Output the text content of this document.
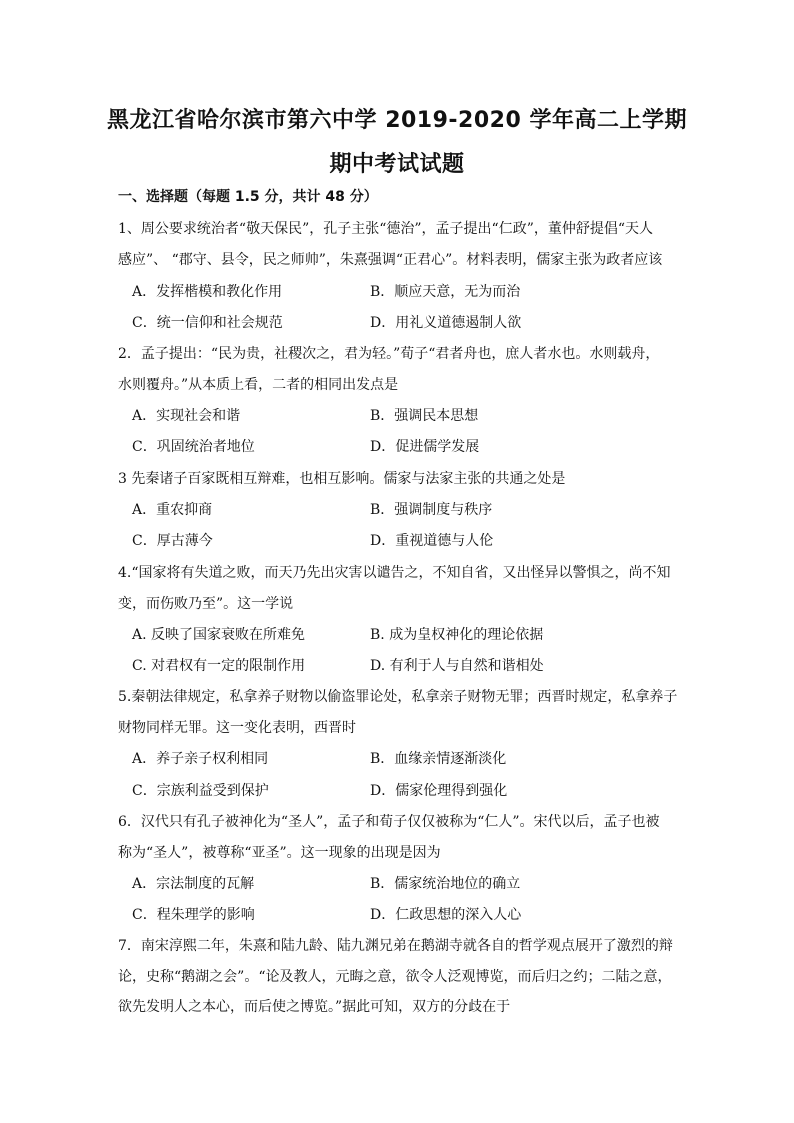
黑龙江省哈尔滨市第六中学 2019-2020 学年高二上学期
期中考试试题
一、选择题（每题 1.5 分，共计 48 分）
1、周公要求统治者“敬天保民”，孔子主张“德治”，孟子提出“仁政”，董仲舒提倡“天人
感应”、 “郡守、县令，民之师帅”，朱熹强调“正君心”。材料表明，儒家主张为政者应该
A．发挥楷模和教化作用	B．顺应天意，无为而治
C．统一信仰和社会规范	D．用礼义道德遏制人欲
2．孟子提出：“民为贵，社稷次之，君为轻。”荀子“君者舟也，庶人者水也。水则载舟，
水则覆舟。”从本质上看，二者的相同出发点是
A．实现社会和谐	B．强调民本思想
C．巩固统治者地位	D．促进儒学发展
3 先秦诸子百家既相互辩难，也相互影响。儒家与法家主张的共通之处是
A．重农抑商	B．强调制度与秩序
C．厚古薄今	D．重视道德与人伦
4.“国家将有失道之败，而天乃先出灾害以谴告之，不知自省，又出怪异以警惧之，尚不知
变，而伤败乃至”。这一学说
A. 反映了国家衰败在所难免	B. 成为皇权神化的理论依据
C. 对君权有一定的限制作用	D. 有利于人与自然和谐相处
5.秦朝法律规定，私拿养子财物以偷盗罪论处，私拿亲子财物无罪；西晋时规定，私拿养子
财物同样无罪。这一变化表明，西晋时
A．养子亲子权利相同	B．血缘亲情逐渐淡化
C．宗族利益受到保护	D．儒家伦理得到强化
6．汉代只有孔子被神化为“圣人”，孟子和荀子仅仅被称为“仁人”。宋代以后，孟子也被
称为“圣人”，被尊称“亚圣”。这一现象的出现是因为
A．宗法制度的瓦解	B．儒家统治地位的确立
C．程朱理学的影响	D．仁政思想的深入人心
7．南宋淳熙二年，朱熹和陆九龄、陆九渊兄弟在鹅湖寺就各自的哲学观点展开了激烈的辩
论，史称“鹅湖之会”。“论及教人，元晦之意，欲令人泛观博览，而后归之约；二陆之意，
欲先发明人之本心，而后使之博览。”据此可知，双方的分歧在于
